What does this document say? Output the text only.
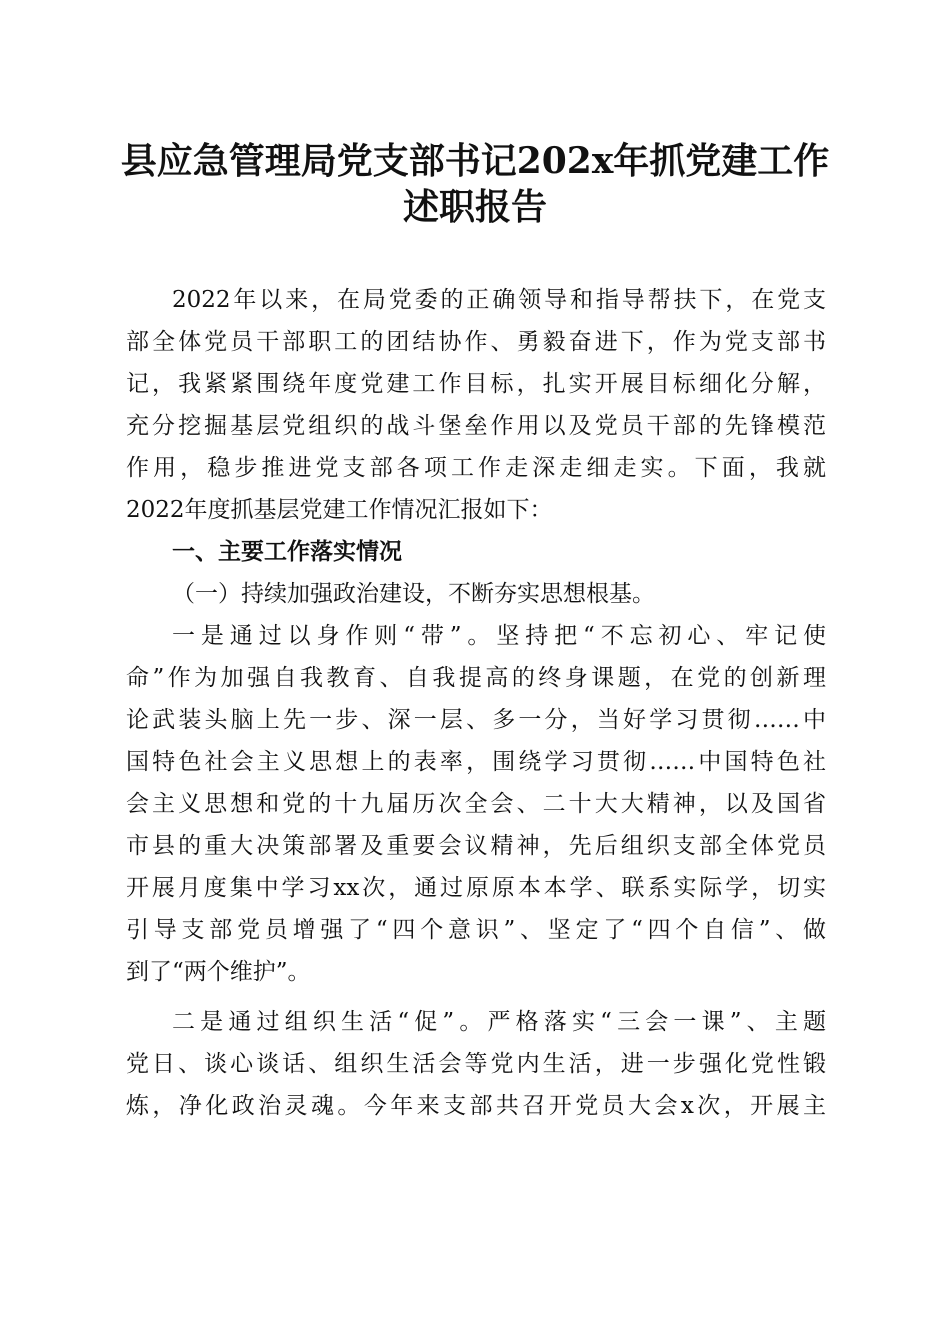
县应急管理局党支部书记202x年抓党建工作
述职报告

2022年以来，在局党委的正确领导和指导帮扶下，在党支

部全体党员干部职工的团结协作、勇毅奋进下，作为党支部书

记，我紧紧围绕年度党建工作目标，扎实开展目标细化分解，

充分挖掘基层党组织的战斗堡垒作用以及党员干部的先锋模范

作用，稳步推进党支部各项工作走深走细走实。下面，我就

2022年度抓基层党建工作情况汇报如下：

一、主要工作落实情况

（一）持续加强政治建设，不断夯实思想根基。

一是通过以身作则“带”。坚持把“不忘初心、牢记使

命”作为加强自我教育、自我提高的终身课题，在党的创新理

论武装头脑上先一步、深一层、多一分，当好学习贯彻……中

国特色社会主义思想上的表率，围绕学习贯彻……中国特色社

会主义思想和党的十九届历次全会、二十大大精神，以及国省

市县的重大决策部署及重要会议精神，先后组织支部全体党员

开展月度集中学习xx次，通过原原本本学、联系实际学，切实

引导支部党员增强了“四个意识”、坚定了“四个自信”、做

到了“两个维护”。

二是通过组织生活“促”。严格落实“三会一课”、主题

党日、谈心谈话、组织生活会等党内生活，进一步强化党性锻

炼，净化政治灵魂。今年来支部共召开党员大会x次，开展主
